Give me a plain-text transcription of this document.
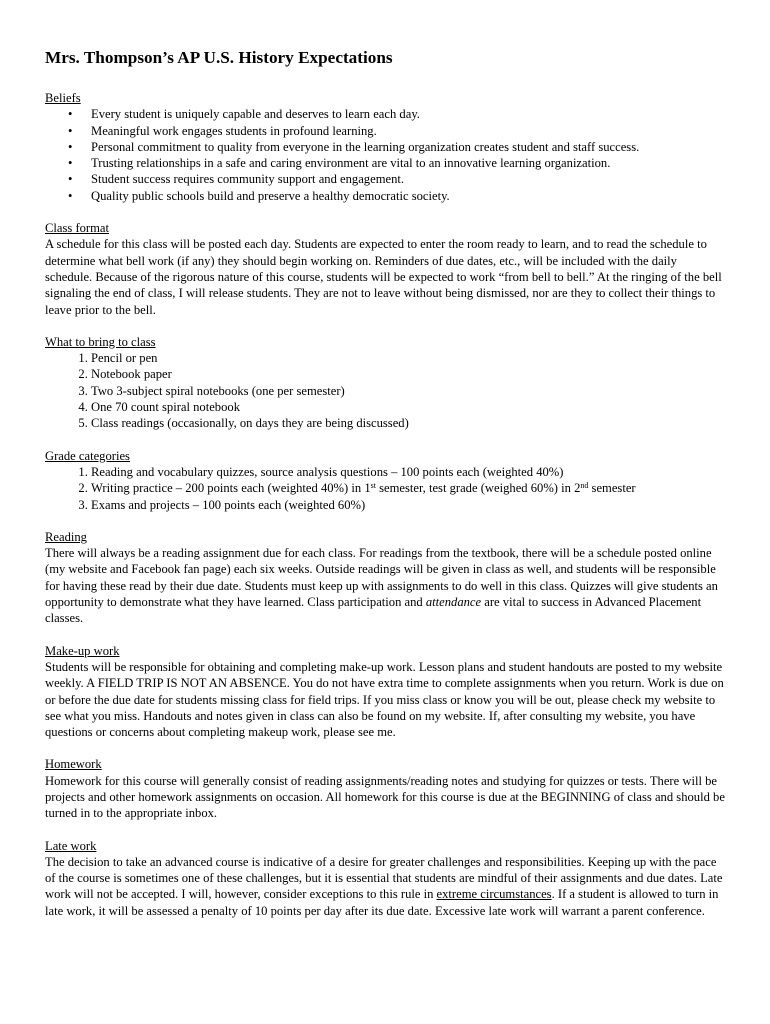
Mrs. Thompson’s AP U.S. History Expectations

Beliefs

• Every student is uniquely capable and deserves to learn each day.
• Meaningful work engages students in profound learning.
• Personal commitment to quality from everyone in the learning organization creates student and staff success.
• Trusting relationships in a safe and caring environment are vital to an innovative learning organization.
• Student success requires community support and engagement.
• Quality public schools build and preserve a healthy democratic society.

Class format

A schedule for this class will be posted each day. Students are expected to enter the room ready to learn, and to read the schedule to determine what bell work (if any) they should begin working on. Reminders of due dates, etc., will be included with the daily schedule. Because of the rigorous nature of this course, students will be expected to work “from bell to bell.” At the ringing of the bell signaling the end of class, I will release students. They are not to leave without being dismissed, nor are they to collect their things to leave prior to the bell.

What to bring to class

1. Pencil or pen
2. Notebook paper
3. Two 3-subject spiral notebooks (one per semester)
4. One 70 count spiral notebook
5. Class readings (occasionally, on days they are being discussed)

Grade categories

1. Reading and vocabulary quizzes, source analysis questions – 100 points each (weighted 40%)
2. Writing practice – 200 points each (weighted 40%) in 1st semester, test grade (weighed 60%) in 2nd semester
3. Exams and projects – 100 points each (weighted 60%)

Reading

There will always be a reading assignment due for each class. For readings from the textbook, there will be a schedule posted online (my website and Facebook fan page) each six weeks. Outside readings will be given in class as well, and students will be responsible for having these read by their due date. Students must keep up with assignments to do well in this class. Quizzes will give students an opportunity to demonstrate what they have learned. Class participation and attendance are vital to success in Advanced Placement classes.

Make-up work

Students will be responsible for obtaining and completing make-up work. Lesson plans and student handouts are posted to my website weekly. A FIELD TRIP IS NOT AN ABSENCE. You do not have extra time to complete assignments when you return. Work is due on or before the due date for students missing class for field trips. If you miss class or know you will be out, please check my website to see what you miss. Handouts and notes given in class can also be found on my website. If, after consulting my website, you have questions or concerns about completing makeup work, please see me.

Homework

Homework for this course will generally consist of reading assignments/reading notes and studying for quizzes or tests. There will be projects and other homework assignments on occasion. All homework for this course is due at the BEGINNING of class and should be turned in to the appropriate inbox.

Late work

The decision to take an advanced course is indicative of a desire for greater challenges and responsibilities. Keeping up with the pace of the course is sometimes one of these challenges, but it is essential that students are mindful of their assignments and due dates. Late work will not be accepted. I will, however, consider exceptions to this rule in extreme circumstances. If a student is allowed to turn in late work, it will be assessed a penalty of 10 points per day after its due date. Excessive late work will warrant a parent conference.
